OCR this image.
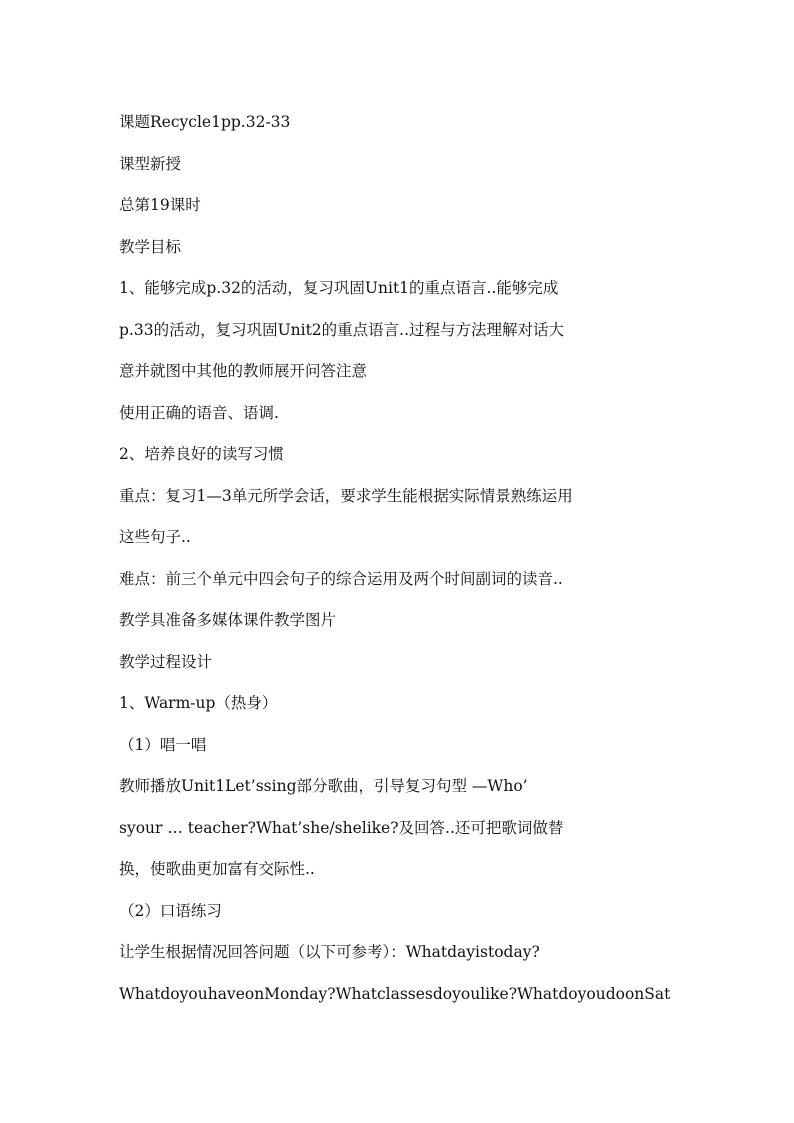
课题Recycle1pp.32-33
课型新授
总第19课时
教学目标
1、能够完成p.32的活动，复习巩固Unit1的重点语言..能够完成
p.33的活动，复习巩固Unit2的重点语言..过程与方法理解对话大
意并就图中其他的教师展开问答注意
使用正确的语音、语调.
2、培养良好的读写习惯
重点：复习1—3单元所学会话，要求学生能根据实际情景熟练运用
这些句子..
难点：前三个单元中四会句子的综合运用及两个时间副词的读音..
教学具准备多媒体课件教学图片
教学过程设计
1、Warm-up（热身）
（1）唱一唱
教师播放Unit1Let’ssing部分歌曲，引导复习句型 —Who’
syour … teacher?What’she/shelike?及回答..还可把歌词做替
换，使歌曲更加富有交际性..
（2）口语练习
让学生根据情况回答问题（以下可参考）：Whatdayistoday?
WhatdoyouhaveonMonday?Whatclassesdoyoulike?WhatdoyoudoonSat
